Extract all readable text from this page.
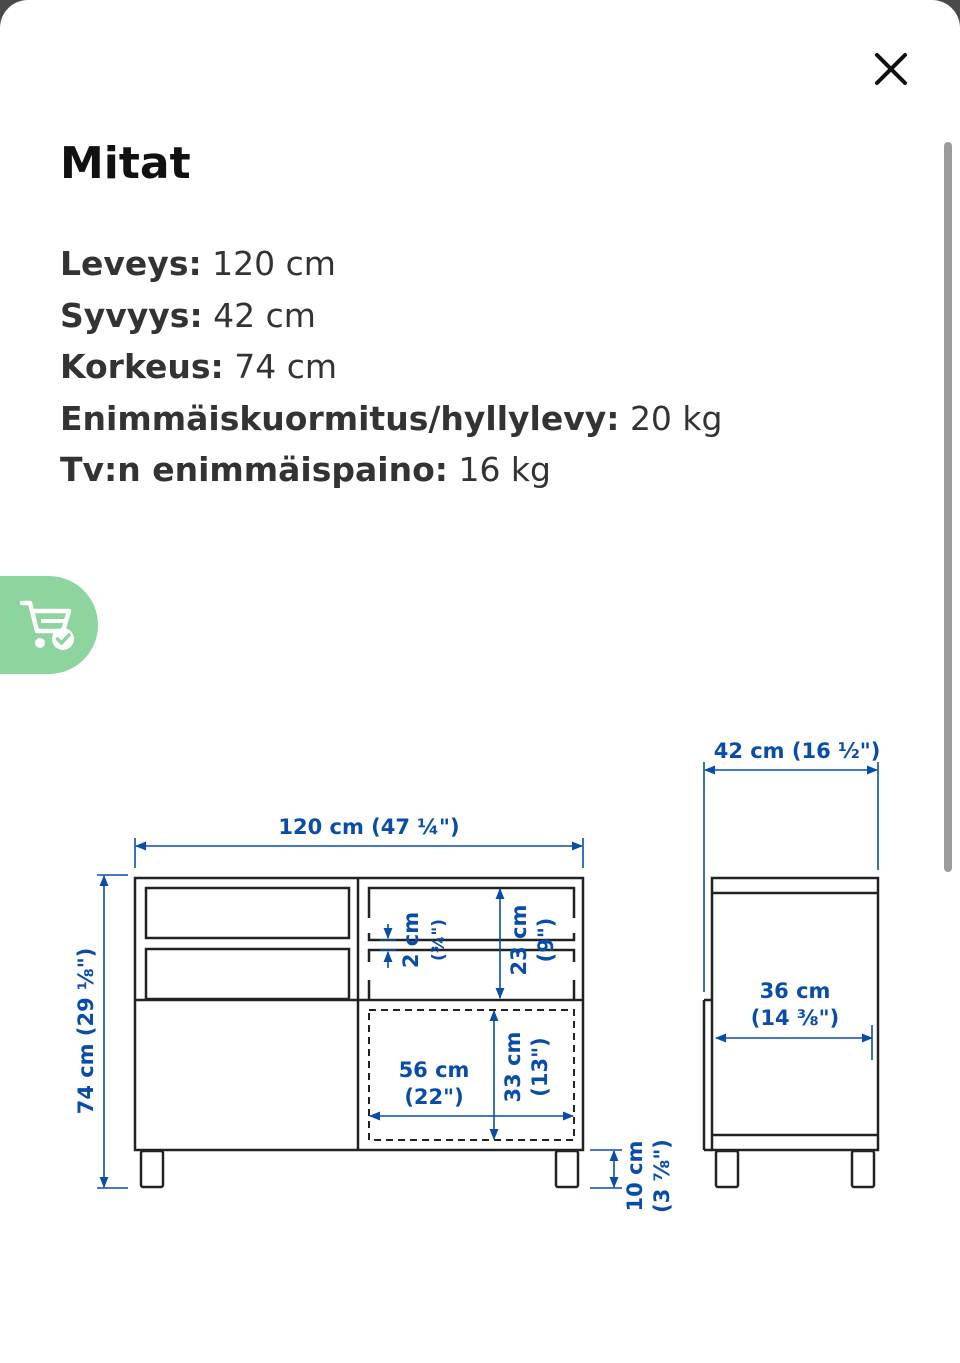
Mitat
Leveys: 120 cm
Syvyys: 42 cm
Korkeus: 74 cm
Enimmäiskuormitus/hyllylevy: 20 kg
Tv:n enimmäispaino: 16 kg
120 cm (47 ¼")
74 cm (29 ⅛")
2 cm (¾")	23 cm (9")
33 cm (13")
56 cm
(22")
10 cm (3 ⅞")
42 cm (16 ½")
36 cm
(14 ⅜")
